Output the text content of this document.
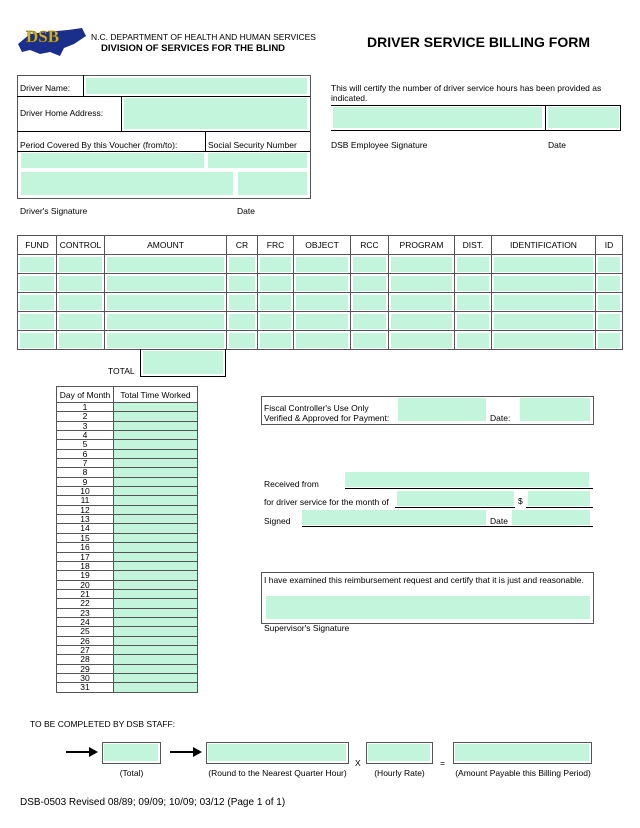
DSB	N.C. DEPARTMENT OF HEALTH AND HUMAN SERVICES
DIVISION OF SERVICES FOR THE BLIND	DRIVER SERVICE BILLING FORM
Driver Name:
Driver Home Address:
Period Covered By this Voucher (from/to):	Social Security Number
Driver's Signature	Date
This will certify the number of driver service hours has been provided as indicated.
DSB Employee Signature	Date
FUND	CONTROL	AMOUNT	CR	FRC	OBJECT	RCC	PROGRAM	DIST.	IDENTIFICATION	ID

TOTAL
Day of Month	Total Time Worked
1	
2	
3	
4	
5	
6	
7	
8	
9	
10	
11	
12	
13	
14	
15	
16	
17	
18	
19	
20	
21	
22	
23	
24	
25	
26	
27	
28	
29	
30	
31	
Fiscal Controller's Use Only
Verified & Approved for Payment:	Date:
Received from
for driver service for the month of	$
Signed	Date
I have examined this reimbursement request and certify that it is just and reasonable.
Supervisor's Signature
TO BE COMPLETED BY DSB STAFF:
(Total)	(Round to the Nearest Quarter Hour)
X
(Hourly Rate)
=
(Amount Payable this Billing Period)
DSB-0503 Revised 08/89; 09/09; 10/09; 03/12 (Page 1 of 1)
